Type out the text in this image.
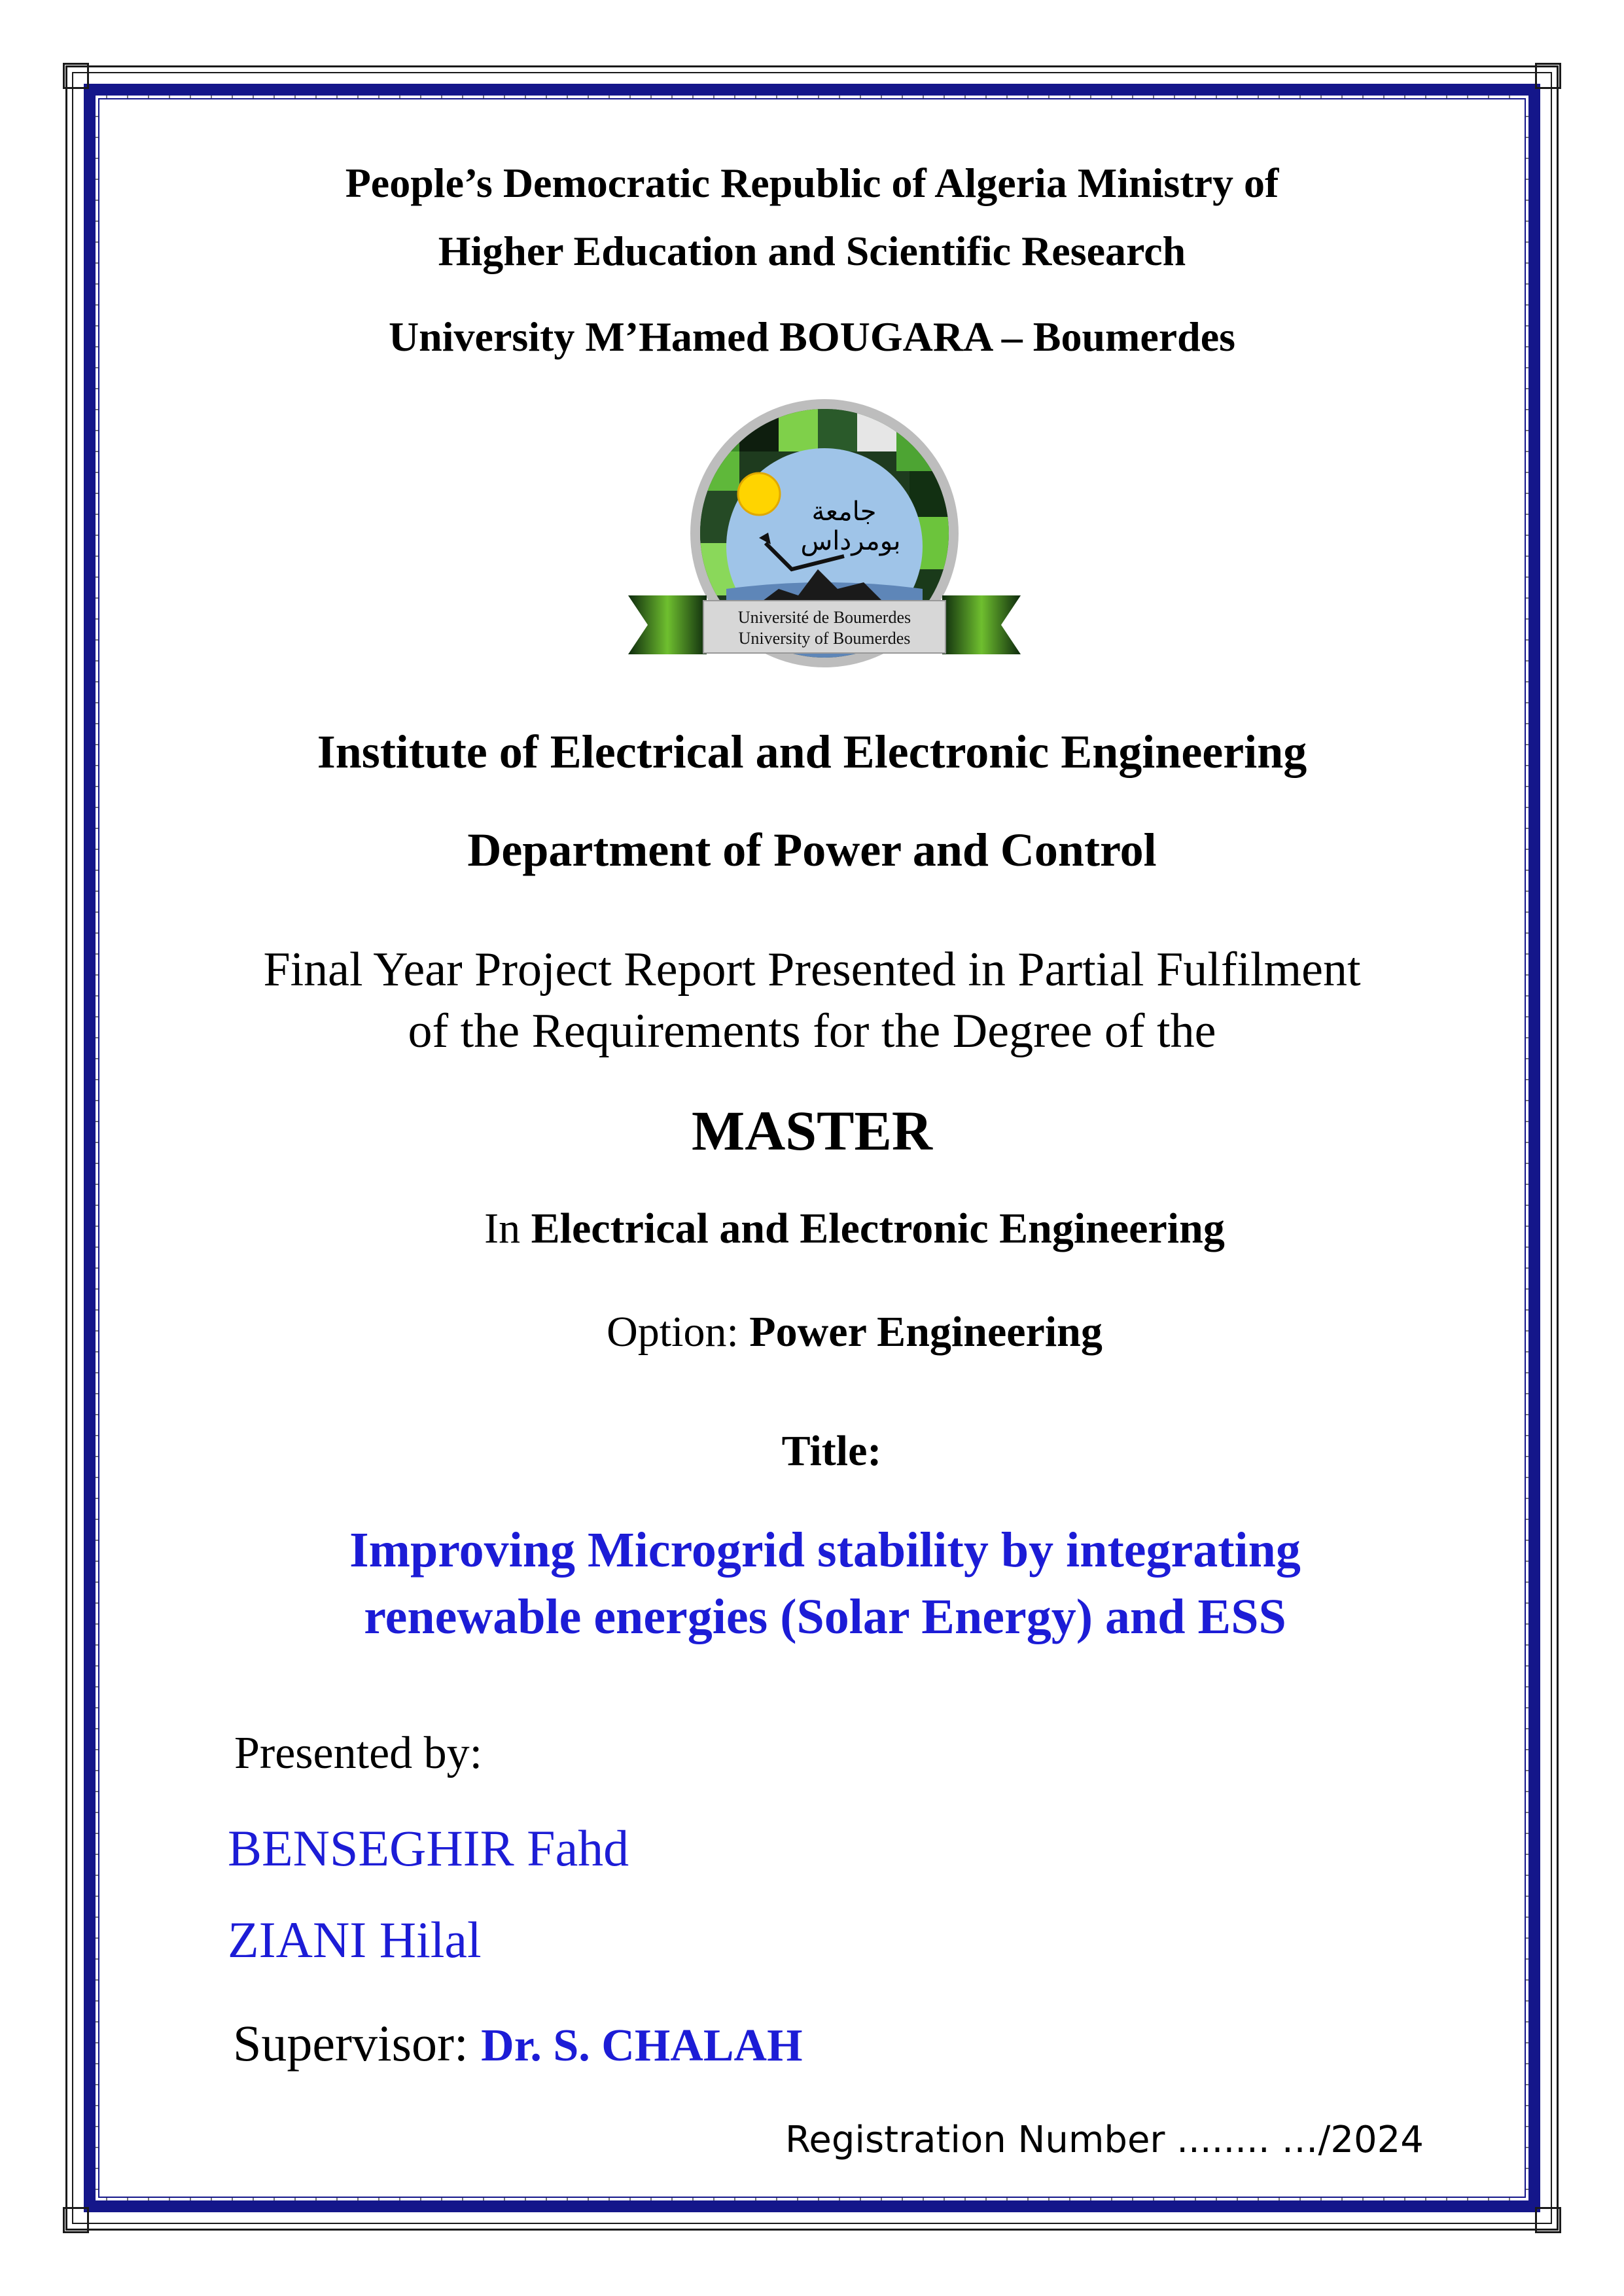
People’s Democratic Republic of Algeria Ministry of
Higher Education and Scientific Research
University M’Hamed BOUGARA – Boumerdes
جامعة
بومرداس
Université de Boumerdes
University of Boumerdes
Institute of Electrical and Electronic Engineering
Department of Power and Control
Final Year Project Report Presented in Partial Fulfilment
of the Requirements for the Degree of the
MASTER
In Electrical and Electronic Engineering
Option: Power Engineering
Title:
Improving Microgrid stability by integrating
renewable energies (Solar Energy) and ESS
Presented by:
BENSEGHIR Fahd
ZIANI Hilal
Supervisor: Dr. S. CHALAH
Registration Number ........ …/2024
